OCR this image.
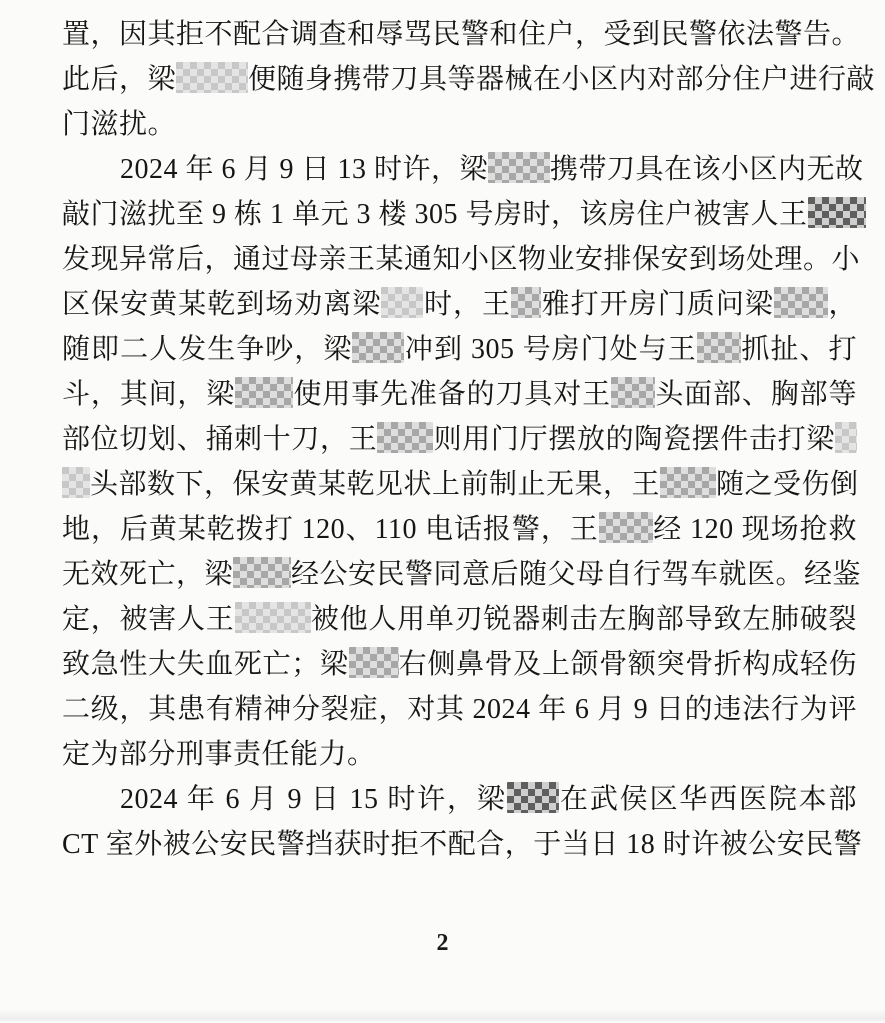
置，因其拒不配合调查和辱骂民警和住户，受到民警依法警告。
此后，梁	便随身携带刀具等器械在小区内对部分住户进行敲
门滋扰。
2024 年 6 月 9 日 13 时许，梁 携带刀具在该小区内无故
敲门滋扰至 9 栋 1 单元 3 楼 305 号房时，该房住户被害人王
发现异常后，通过母亲王某通知小区物业安排保安到场处理。小
区保安黄某乾到场劝离梁 时，王 雅打开房门质问梁 ，
随即二人发生争吵，梁 冲到 305 号房门处与王 抓扯、打
斗，其间，梁 使用事先准备的刀具对王 头面部、胸部等
部位切划、捅刺十刀，王 则用门厅摆放的陶瓷摆件击打梁
头部数下，保安黄某乾见状上前制止无果，王 随之受伤倒
地，后黄某乾拨打 120、110 电话报警，王 经 120 现场抢救
无效死亡，梁 经公安民警同意后随父母自行驾车就医。经鉴
定，被害人王	被他人用单刃锐器刺击左胸部导致左肺破裂
致急性大失血死亡；梁 右侧鼻骨及上颌骨额突骨折构成轻伤
二级，其患有精神分裂症，对其 2024 年 6 月 9 日的违法行为评
定为部分刑事责任能力。
2024 年 6 月 9 日 15 时许，梁 在武侯区华西医院本部
CT 室外被公安民警挡获时拒不配合，于当日 18 时许被公安民警
2
